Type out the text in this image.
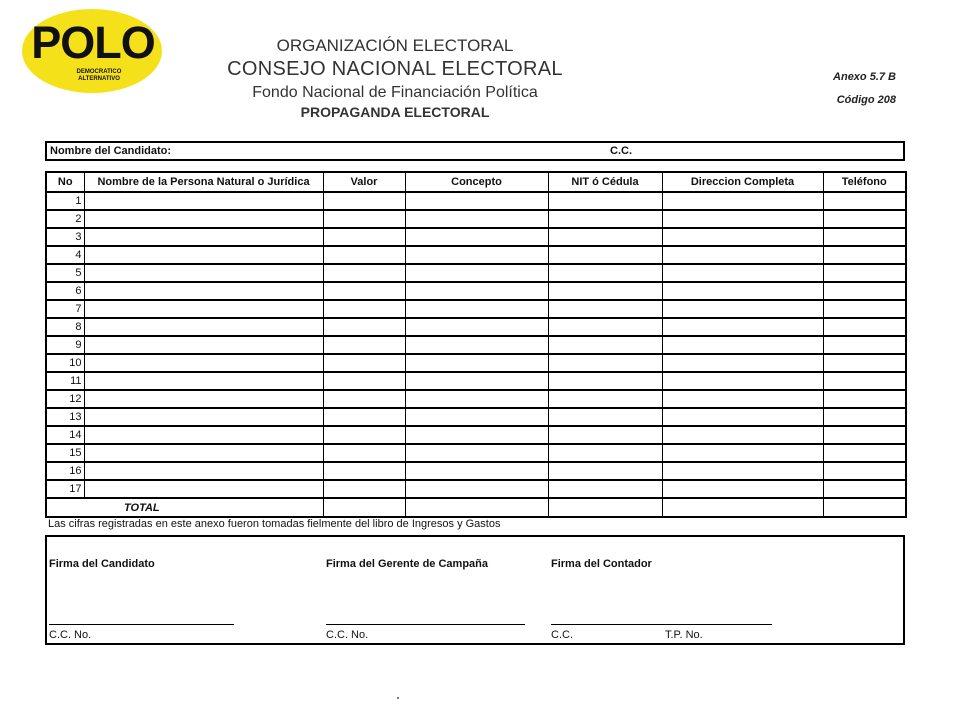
POLO
DEMOCRATICO
ALTERNATIVO
ORGANIZACIÓN ELECTORAL
CONSEJO NACIONAL ELECTORAL
Fondo Nacional de Financiación Política
PROPAGANDA ELECTORAL
Anexo 5.7 B
Código 208
Nombre del Candidato:	C.C.
No	Nombre de la Persona Natural o Jurídica	Valor	Concepto	NIT ó Cédula	Direccion Completa	Teléfono
1						
2						
3						
4						
5						
6						
7						
8						
9						
10						
11						
12						
13						
14						
15						
16						
17						
	TOTAL					
Las cifras registradas en este anexo fueron tomadas fielmente del libro de Ingresos y Gastos
Firma del Candidato	Firma del Gerente de Campaña	Firma del Contador
C.C. No.	C.C. No.	C.C.	T.P. No.
